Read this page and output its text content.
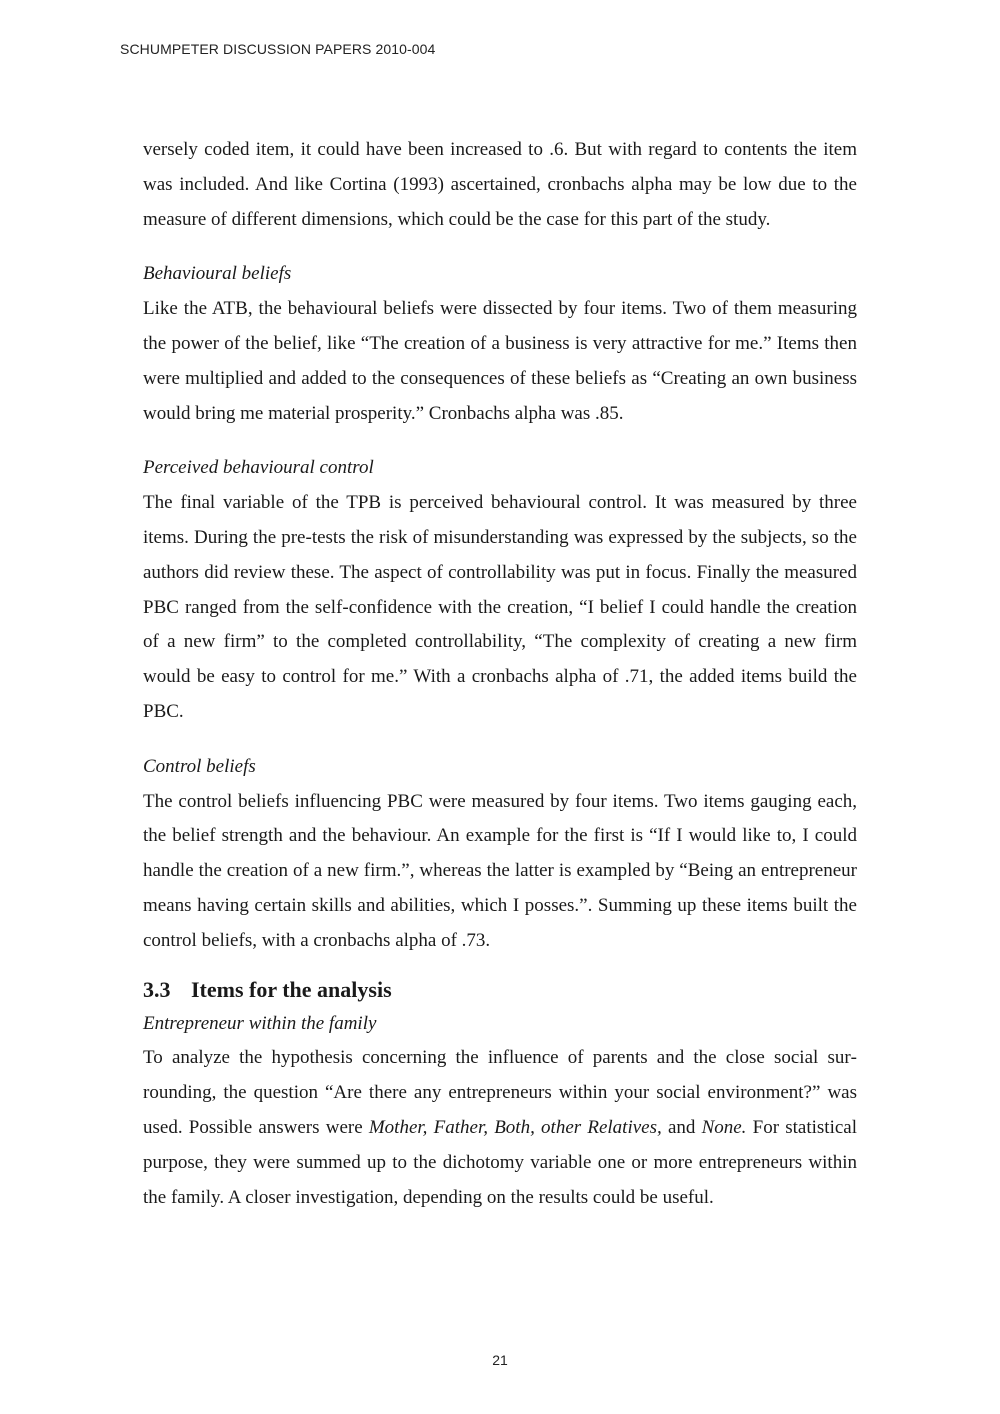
SCHUMPETER DISCUSSION PAPERS 2010-004

versely coded item, it could have been increased to .6. But with regard to contents the item was included. And like Cortina (1993) ascertained, cronbachs alpha may be low due to the measure of different dimensions, which could be the case for this part of the study.

Behavioural beliefs

Like the ATB, the behavioural beliefs were dissected by four items. Two of them measuring the power of the belief, like “The creation of a business is very attractive for me.” Items then were multiplied and added to the consequences of these beliefs as “Creating an own business would bring me material prosperity.” Cronbachs alpha was .85.

Perceived behavioural control

The final variable of the TPB is perceived behavioural control. It was measured by three items. During the pre-tests the risk of misunderstanding was expressed by the subjects, so the authors did review these. The aspect of controllability was put in focus. Finally the measured PBC ranged from the self-confidence with the creation, “I belief I could handle the creation of a new firm” to the completed controllability, “The complexity of creating a new firm would be easy to control for me.” With a cronbachs alpha of .71, the added items build the PBC.

Control beliefs

The control beliefs influencing PBC were measured by four items. Two items gauging each, the belief strength and the behaviour. An example for the first is “If I would like to, I could handle the creation of a new firm.”, whereas the latter is exampled by “Being an entrepreneur means having certain skills and abilities, which I posses.”. Summing up these items built the control beliefs, with a cronbachs alpha of .73.

3.3 Items for the analysis

Entrepreneur within the family

To analyze the hypothesis concerning the influence of parents and the close social surrounding, the question “Are there any entrepreneurs within your social environment?” was used. Possible answers were Mother, Father, Both, other Relatives, and None. For statistical purpose, they were summed up to the dichotomy variable one or more entrepreneurs within the family. A closer investigation, depending on the results could be useful.

21
